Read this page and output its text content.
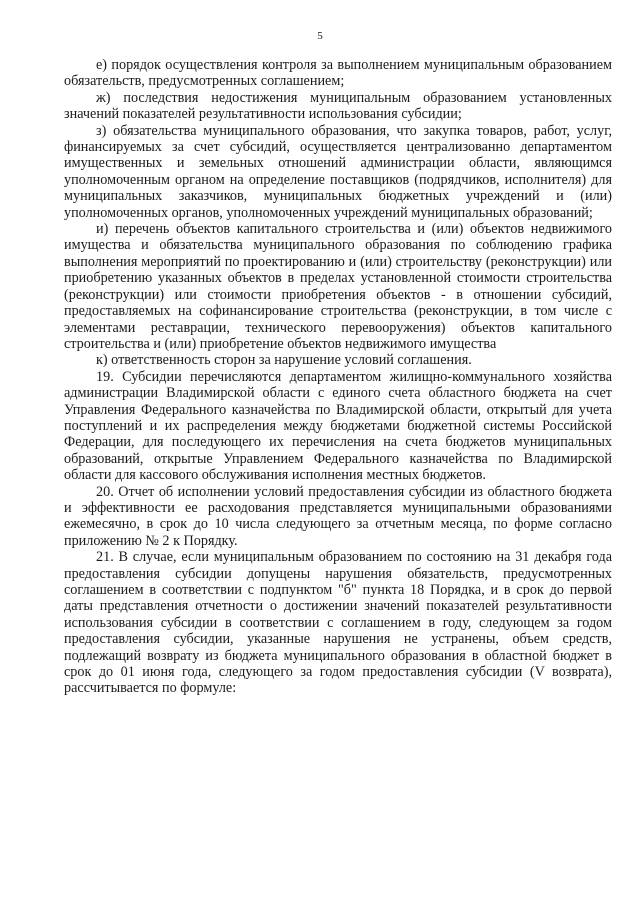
5

е) порядок осуществления контроля за выполнением муниципальным образованием обязательств, предусмотренных соглашением;

ж) последствия недостижения муниципальным образованием установленных значений показателей результативности использования субсидии;

з) обязательства муниципального образования, что закупка товаров, работ, услуг, финансируемых за счет субсидий, осуществляется централизованно департаментом имущественных и земельных отношений администрации области, являющимся уполномоченным органом на определение поставщиков (подрядчиков, исполнителя) для муниципальных заказчиков, муниципальных бюджетных учреждений и (или) уполномоченных органов, уполномоченных учреждений муниципальных образований;

и) перечень объектов капитального строительства и (или) объектов недвижимого имущества и обязательства муниципального образования по соблюдению графика выполнения мероприятий по проектированию и (или) строительству (реконструкции) или приобретению указанных объектов в пределах установленной стоимости строительства (реконструкции) или стоимости приобретения объектов - в отношении субсидий, предоставляемых на софинансирование строительства (реконструкции, в том числе с элементами реставрации, технического перевооружения) объектов капитального строительства и (или) приобретение объектов недвижимого имущества

к) ответственность сторон за нарушение условий соглашения.

19. Субсидии перечисляются департаментом жилищно-коммунального хозяйства администрации Владимирской области с единого счета областного бюджета на счет Управления Федерального казначейства по Владимирской области, открытый для учета поступлений и их распределения между бюджетами бюджетной системы Российской Федерации, для последующего их перечисления на счета бюджетов муниципальных образований, открытые Управлением Федерального казначейства по Владимирской области для кассового обслуживания исполнения местных бюджетов.

20. Отчет об исполнении условий предоставления субсидии из областного бюджета и эффективности ее расходования представляется муниципальными образованиями ежемесячно, в срок до 10 числа следующего за отчетным месяца, по форме согласно приложению № 2 к Порядку.

21. В случае, если муниципальным образованием по состоянию на 31 декабря года предоставления субсидии допущены нарушения обязательств, предусмотренных соглашением в соответствии с подпунктом "б" пункта 18 Порядка, и в срок до первой даты представления отчетности о достижении значений показателей результативности использования субсидии в соответствии с соглашением в году, следующем за годом предоставления субсидии, указанные нарушения не устранены, объем средств, подлежащий возврату из бюджета муниципального образования в областной бюджет в срок до 01 июня года, следующего за годом предоставления субсидии (V возврата), рассчитывается по формуле:
